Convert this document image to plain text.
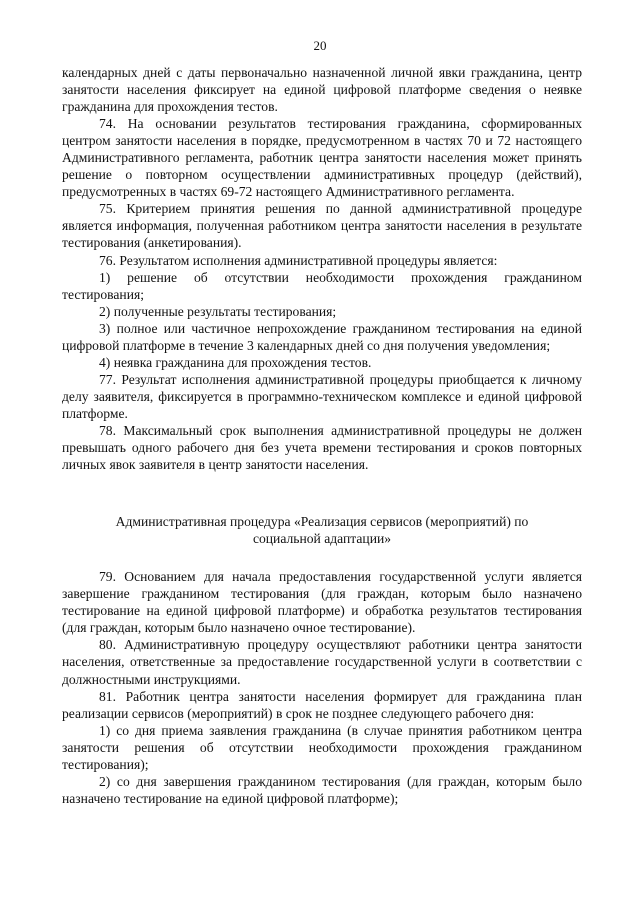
20

календарных дней с даты первоначально назначенной личной явки гражданина, центр занятости населения фиксирует на единой цифровой платформе сведения о неявке гражданина для прохождения тестов.

74. На основании результатов тестирования гражданина, сформированных центром занятости населения в порядке, предусмотренном в частях 70 и 72 настоящего Административного регламента, работник центра занятости населения может принять решение о повторном осуществлении административных процедур (действий), предусмотренных в частях 69-72 настоящего Административного регламента.

75. Критерием принятия решения по данной административной процедуре является информация, полученная работником центра занятости населения в результате тестирования (анкетирования).

76. Результатом исполнения административной процедуры является:

1) решение об отсутствии необходимости прохождения гражданином тестирования;

2) полученные результаты тестирования;

3) полное или частичное непрохождение гражданином тестирования на единой цифровой платформе в течение 3 календарных дней со дня получения уведомления;

4) неявка гражданина для прохождения тестов.

77. Результат исполнения административной процедуры приобщается к личному делу заявителя, фиксируется в программно-техническом комплексе и единой цифровой платформе.

78. Максимальный срок выполнения административной процедуры не должен превышать одного рабочего дня без учета времени тестирования и сроков повторных личных явок заявителя в центр занятости населения.

Административная процедура «Реализация сервисов (мероприятий) по
социальной адаптации»

79. Основанием для начала предоставления государственной услуги является завершение гражданином тестирования (для граждан, которым было назначено тестирование на единой цифровой платформе) и обработка результатов тестирования (для граждан, которым было назначено очное тестирование).

80. Административную процедуру осуществляют работники центра занятости населения, ответственные за предоставление государственной услуги в соответствии с должностными инструкциями.

81. Работник центра занятости населения формирует для гражданина план реализации сервисов (мероприятий) в срок не позднее следующего рабочего дня:

1) со дня приема заявления гражданина (в случае принятия работником центра занятости решения об отсутствии необходимости прохождения гражданином тестирования);

2) со дня завершения гражданином тестирования (для граждан, которым было назначено тестирование на единой цифровой платформе);
